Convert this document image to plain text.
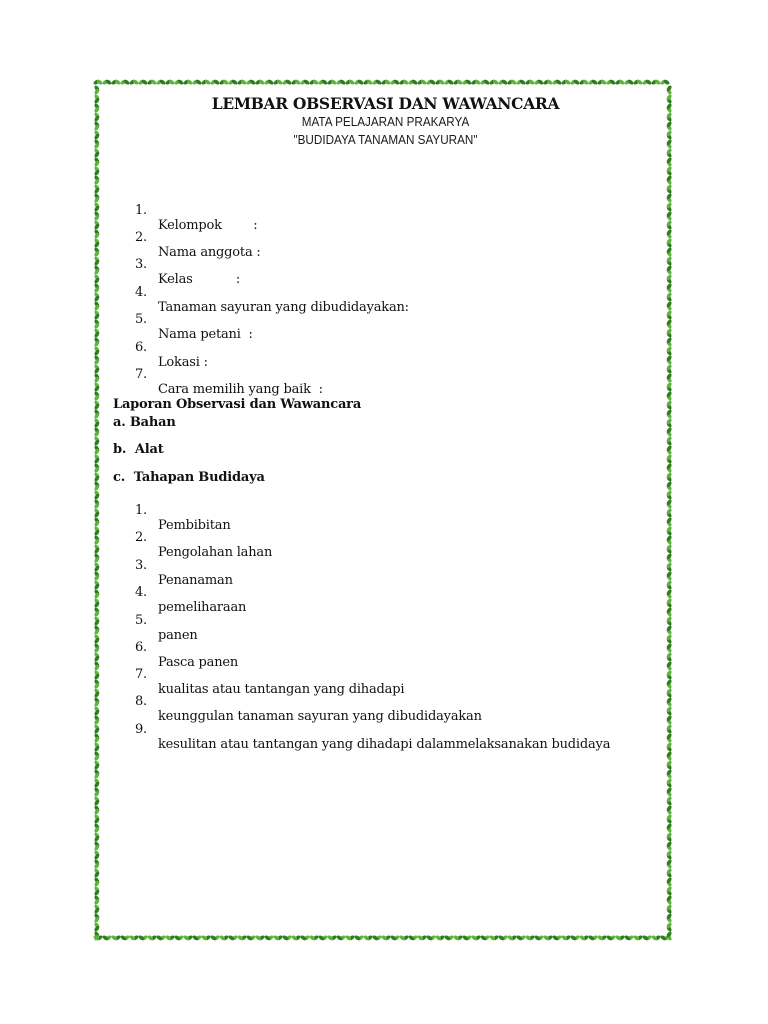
LEMBAR OBSERVASI DAN WAWANCARA
MATA PELAJARAN PRAKARYA
"BUDIDAYA TANAMAN SAYURAN"

1.

Kelompok        :

2.

Nama anggota :

3.

Kelas           :

4.

Tanaman sayuran yang dibudidayakan:

5.

Nama petani  :

6.

Lokasi :

7.

Cara memilih yang baik  :

Laporan Observasi dan Wawancara
a. Bahan
b.  Alat
c.  Tahapan Budidaya

1.

Pembibitan

2.

Pengolahan lahan

3.

Penanaman

4.

pemeliharaan

5.

panen

6.

Pasca panen

7.

kualitas atau tantangan yang dihadapi

8.

keunggulan tanaman sayuran yang dibudidayakan

9.

kesulitan atau tantangan yang dihadapi dalammelaksanakan budidaya
